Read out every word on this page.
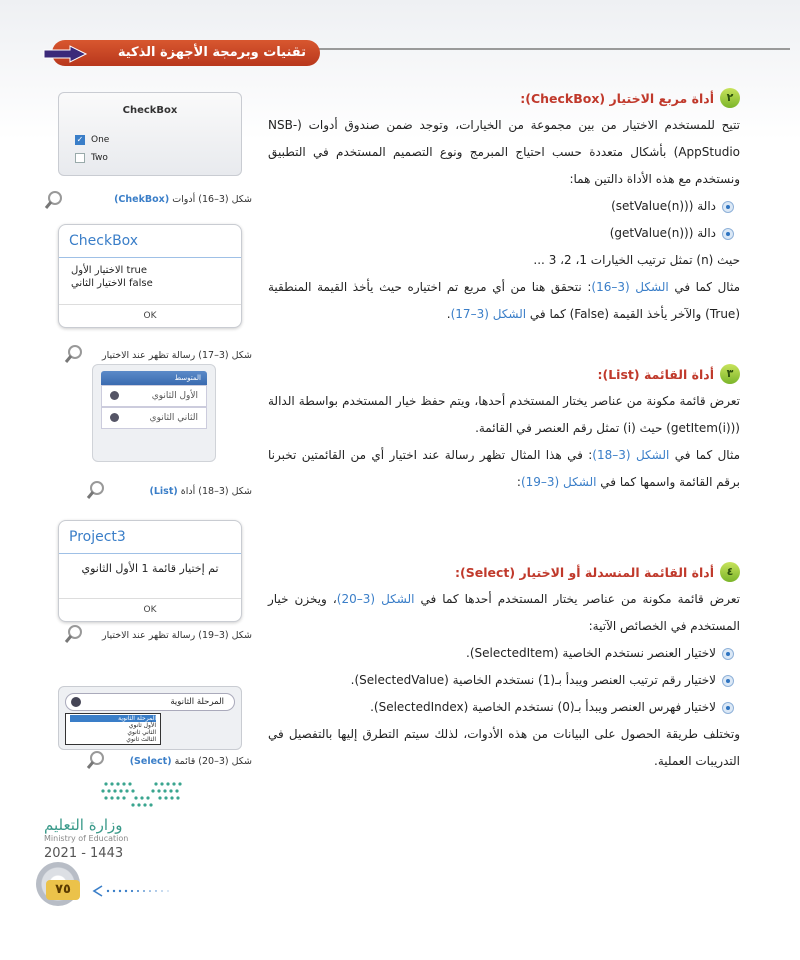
تقنيات وبرمجة الأجهزة الذكية
٢
أداة مربع الاختيار (CheckBox):

تتيح للمستخدم الاختيار من بين مجموعة من الخيارات، وتوجد ضمن صندوق أدوات (NSB-AppStudio) بأشكال متعددة حسب احتياج المبرمج ونوع التصميم المستخدم في التطبيق ونستخدم مع هذه الأداة دالتين هما:

دالة ((setValue(n))
دالة ((getValue(n))

حيث (n) تمثل ترتيب الخيارات 1، 2، 3 ...

مثال كما في الشكل (3–16): نتحقق هنا من أي مربع تم اختياره حيث يأخذ القيمة المنطقية (True) والآخر يأخذ القيمة (False) كما في الشكل (3–17).

٣
أداة القائمة (List):

تعرض قائمة مكونة من عناصر يختار المستخدم أحدها، ويتم حفظ خيار المستخدم بواسطة الدالة ((getItem(i)) حيث (i) تمثل رقم العنصر في القائمة.

مثال كما في الشكل (3–18): في هذا المثال تظهر رسالة عند اختيار أي من القائمتين تخبرنا برقم القائمة واسمها كما في الشكل (3–19):

٤
أداة القائمة المنسدلة أو الاختيار (Select):

تعرض قائمة مكونة من عناصر يختار المستخدم أحدها كما في الشكل (3–20)، ويخزن خيار المستخدم في الخصائص الآتية:

لاختيار العنصر نستخدم الخاصية (SelectedItem).
لاختيار رقم ترتيب العنصر ويبدأ بـ(1) نستخدم الخاصية (SelectedValue).
لاختيار فهرس العنصر ويبدأ بـ(0) نستخدم الخاصية (SelectedIndex).

وتختلف طريقة الحصول على البيانات من هذه الأدوات، لذلك سيتم التطرق إليها بالتفصيل في التدريبات العملية.

CheckBox
✓ One
Two
شكل (3–16) أدوات (ChekBox)
CheckBox
الاختيار الأول true
الاختيار الثاني false
OK
شكل (3–17) رسالة تظهر عند الاختيار
المتوسط
الأول الثانوي
الثاني الثانوي
شكل (3–18) أداة (List)
Project3
تم إختيار قائمة 1 الأول الثانوي
OK
شكل (3–19) رسالة تظهر عند الاختيار
المرحلة الثانوية
المرحلة الثانوية
الأول ثانوي
الثاني ثانوي
الثالث ثانوي
شكل (3–20) قائمة (Select)
وزارة التعليم
Ministry of Education
2021 - 1443
٧٥
